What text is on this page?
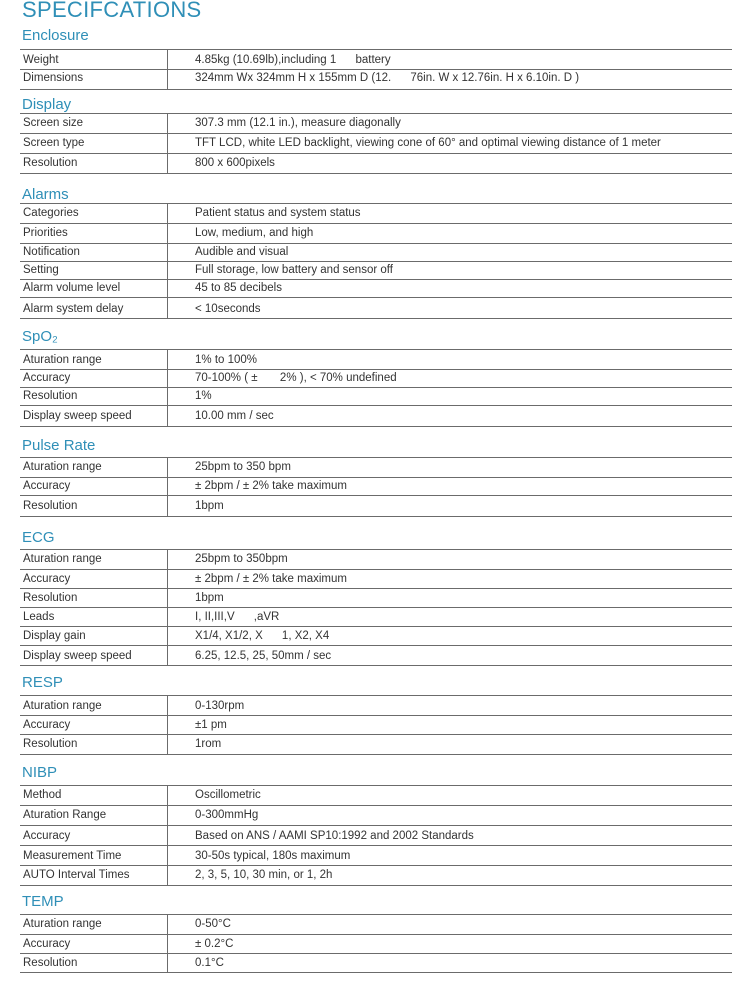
SPECIFCATIONS
Enclosure
Weight	4.85kg (10.69lb),including 1      battery
Dimensions	324mm Wx 324mm H x 155mm D (12.      76in. W x 12.76in. H x 6.10in. D )
Display
Screen size	307.3 mm (12.1 in.), measure diagonally
Screen type	TFT LCD, white LED backlight, viewing cone of 60° and optimal viewing distance of 1 meter
Resolution	800 x 600pixels
Alarms
Categories	Patient status and system status
Priorities	Low, medium, and high
Notification	Audible and visual
Setting	Full storage, low battery and sensor off
Alarm volume level	45 to 85 decibels
Alarm system delay	< 10seconds
SpO₂
Aturation range	1% to 100%
Accuracy	70-100% ( ±       2% ), < 70% undefined
Resolution	1%
Display sweep speed	10.00 mm / sec
Pulse Rate
Aturation range	25bpm to 350 bpm
Accuracy	± 2bpm / ± 2% take maximum
Resolution	1bpm
ECG
Aturation range	25bpm to 350bpm
Accuracy	± 2bpm / ± 2% take maximum
Resolution	1bpm
Leads	I, II,III,V      ,aVR
Display gain	X1/4, X1/2, X      1, X2, X4
Display sweep speed	6.25, 12.5, 25, 50mm / sec
RESP
Aturation range	0-130rpm
Accuracy	±1 pm
Resolution	1rom
NIBP
Method	Oscillometric
Aturation Range	0-300mmHg
Accuracy	Based on ANS / AAMI SP10:1992 and 2002 Standards
Measurement Time	30-50s typical, 180s maximum
AUTO Interval Times	2, 3, 5, 10, 30 min, or 1, 2h
TEMP
Aturation range	0-50°C
Accuracy	± 0.2°C
Resolution	0.1°C
